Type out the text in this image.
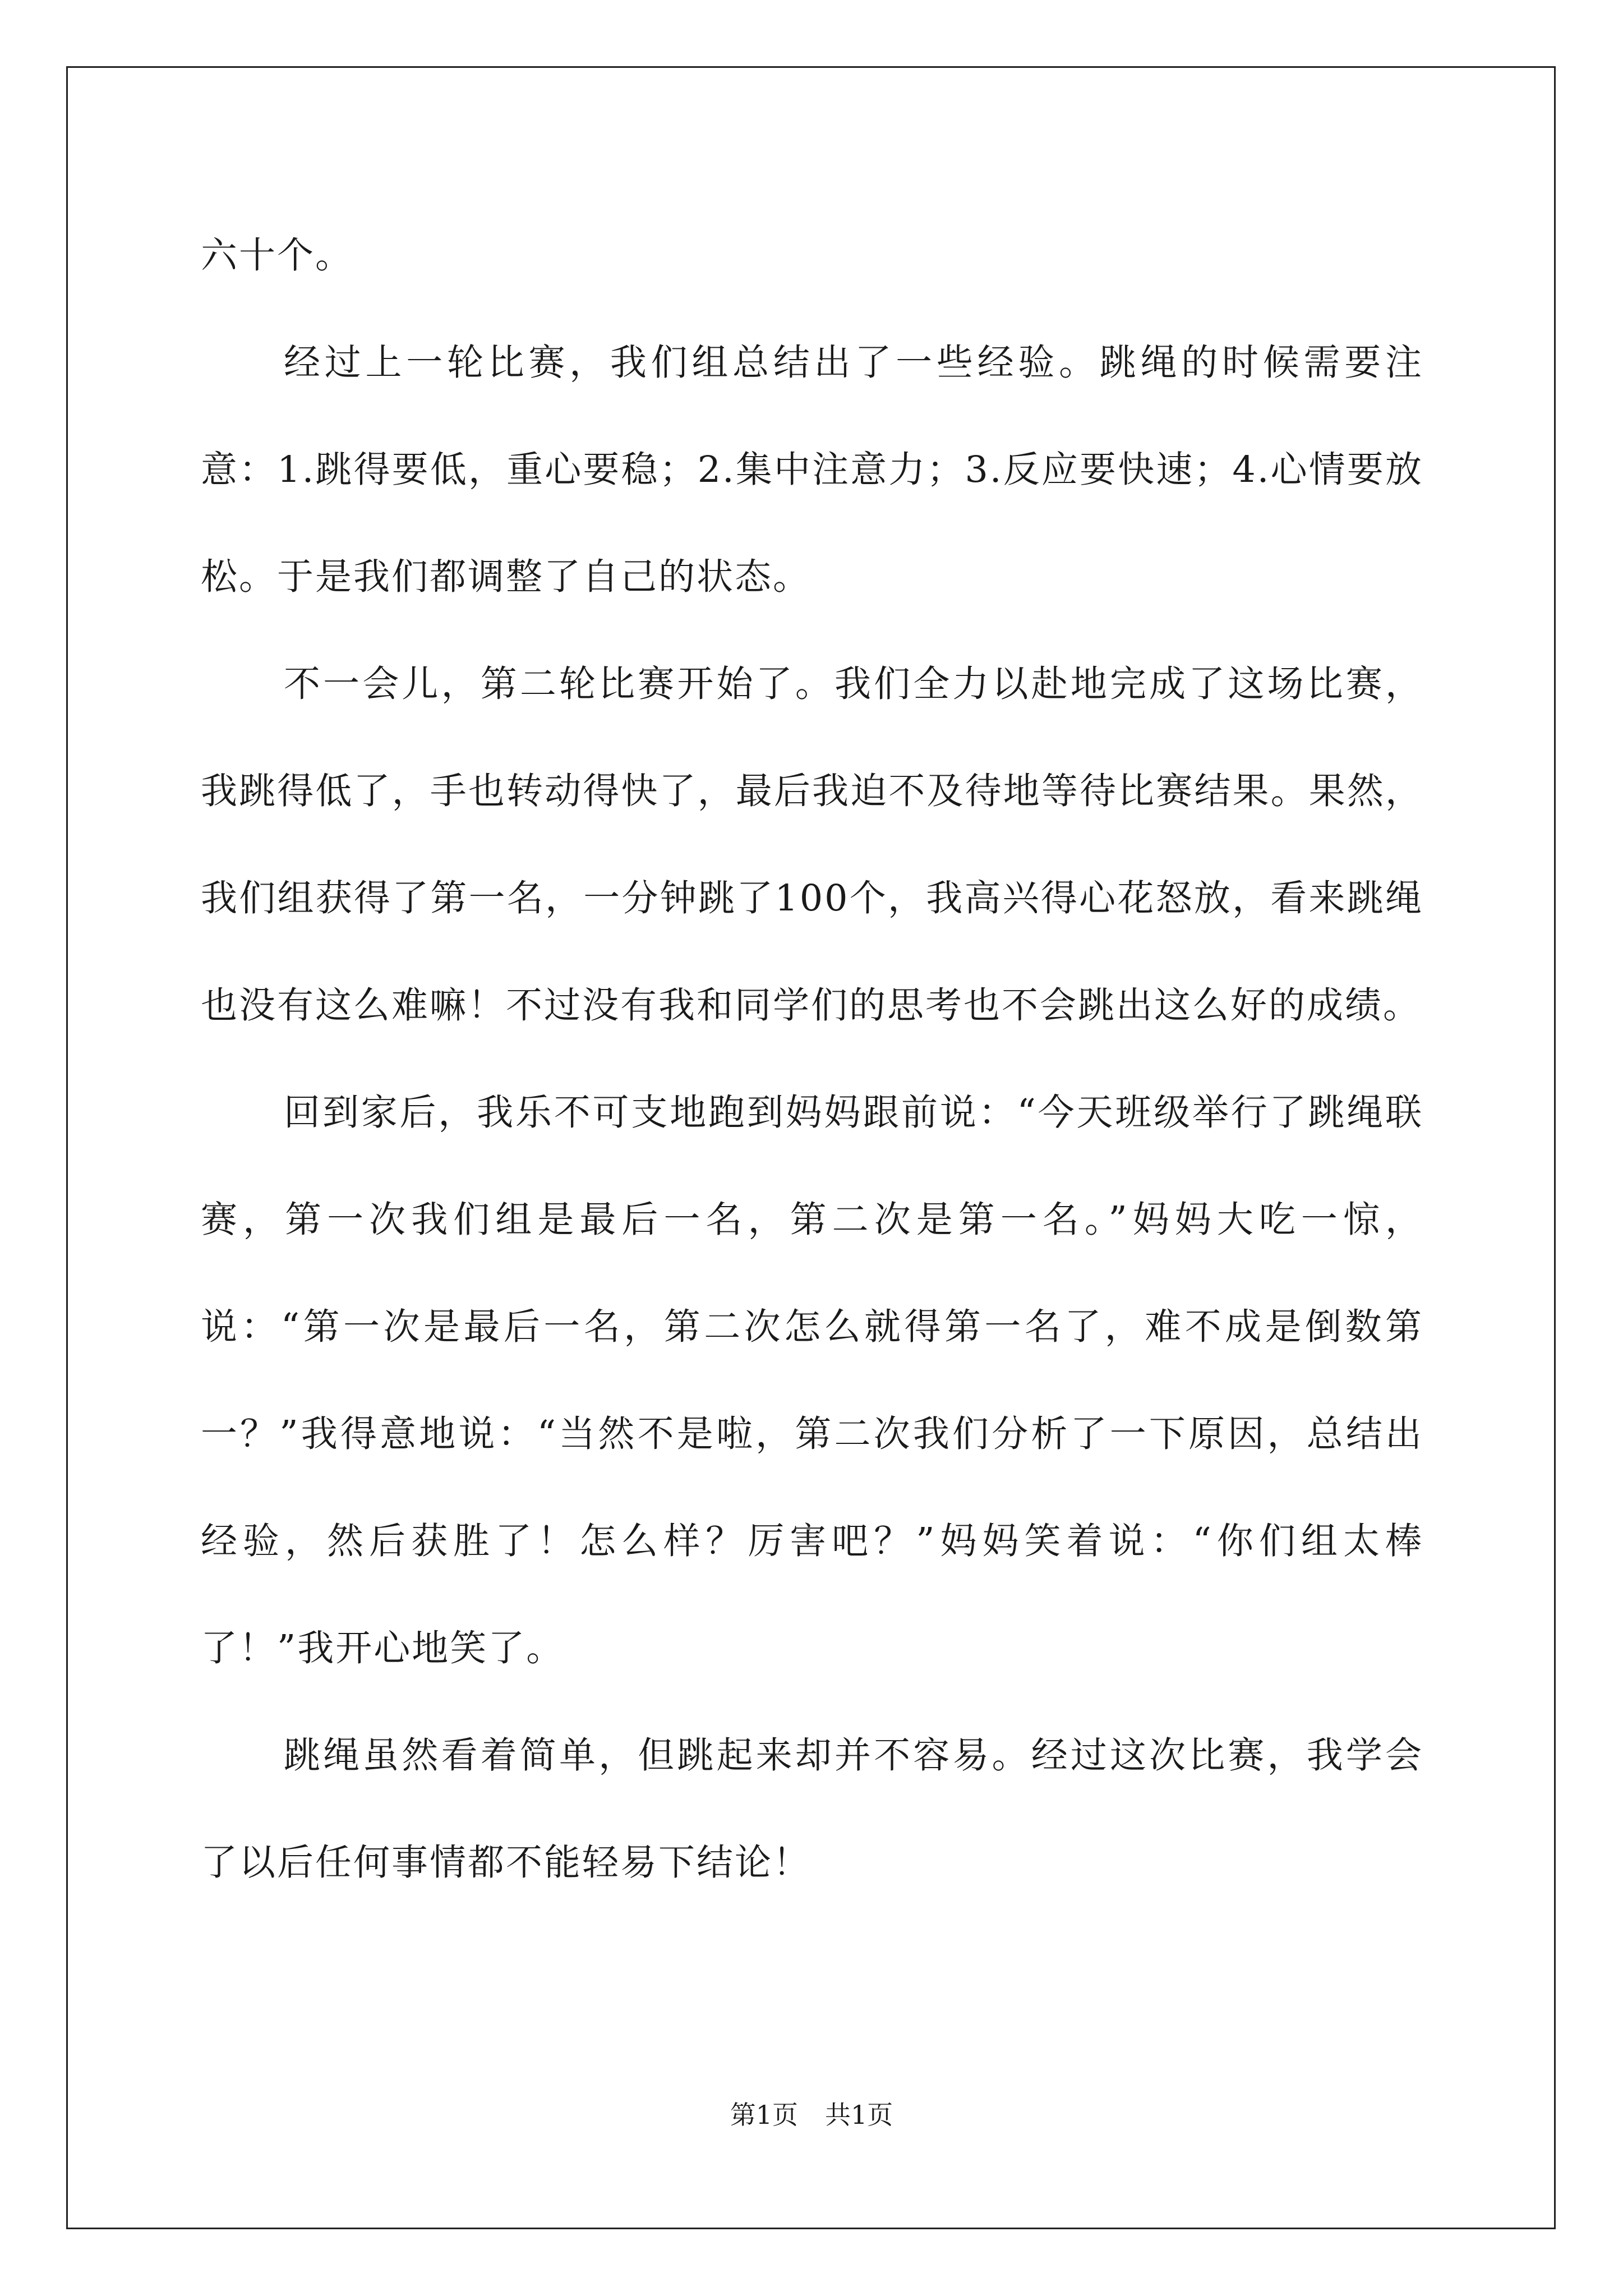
六十个。

经过上一轮比赛，我们组总结出了一些经验。跳绳的时候需要注意：1.跳得要低，重心要稳；2.集中注意力；3.反应要快速；4.心情要放松。于是我们都调整了自己的状态。

不一会儿，第二轮比赛开始了。我们全力以赴地完成了这场比赛，我跳得低了，手也转动得快了，最后我迫不及待地等待比赛结果。果然，我们组获得了第一名，一分钟跳了100个，我高兴得心花怒放，看来跳绳也没有这么难嘛！不过没有我和同学们的思考也不会跳出这么好的成绩。

回到家后，我乐不可支地跑到妈妈跟前说：“今天班级举行了跳绳联赛，第一次我们组是最后一名，第二次是第一名。”妈妈大吃一惊，说：“第一次是最后一名，第二次怎么就得第一名了，难不成是倒数第一？”我得意地说：“当然不是啦，第二次我们分析了一下原因，总结出经验，然后获胜了！怎么样？厉害吧？”妈妈笑着说：“你们组太棒了！”我开心地笑了。

跳绳虽然看着简单，但跳起来却并不容易。经过这次比赛，我学会了以后任何事情都不能轻易下结论！

第1页 共1页
